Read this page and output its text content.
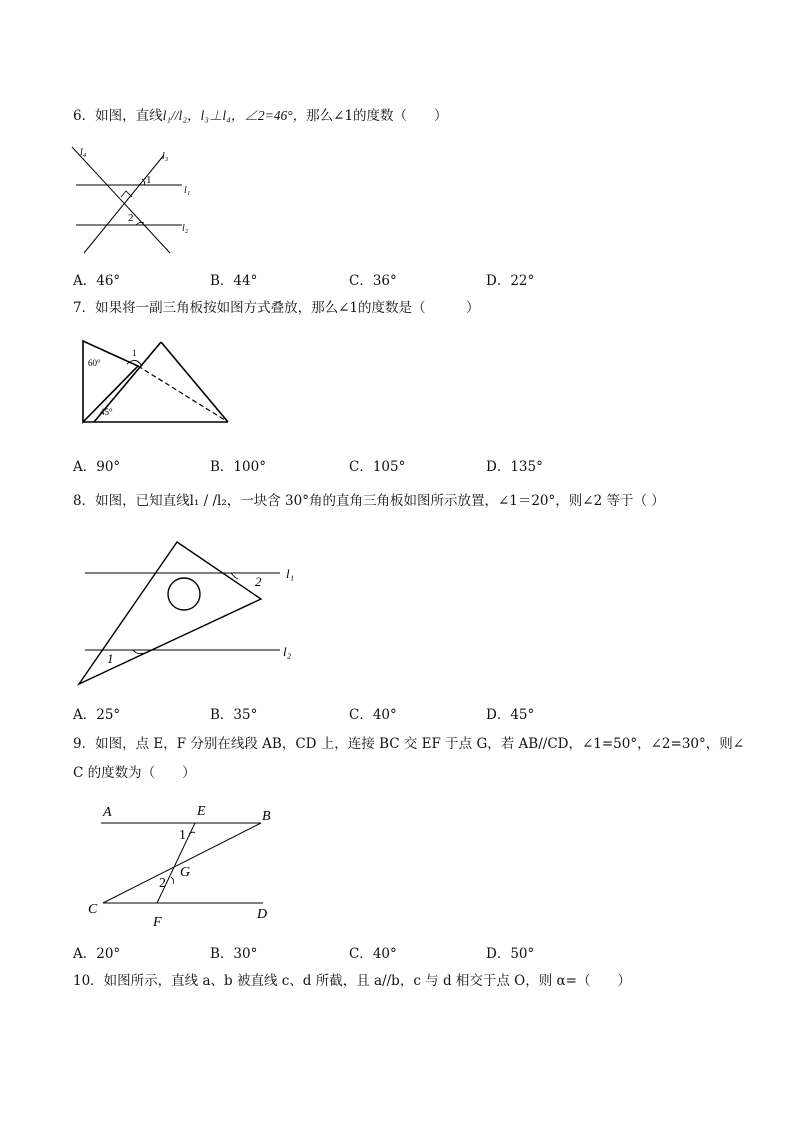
6．如图，直线l₁//l₂，l₃⊥l₄，∠2=46°，那么∠1的度数（　　）
l₄	l₃
l₁
l₂
1
2
A．46°	B．44°	C．36°	D．22°
7．如果将一副三角板按如图方式叠放，那么∠1的度数是（　　　）
60°
45°
1
A．90°	B．100°	C．105°	D．135°
8．如图，已知直线l₁ / /l₂，一块含 30°角的直角三角板如图所示放置，∠1＝20°，则∠2 等于（ ）
l₁
l₂
2
1
A．25°	B．35°	C．40°	D．45°
9．如图，点 E，F 分别在线段 AB，CD 上，连接 BC 交 EF 于点 G，若 AB//CD，∠1=50°，∠2=30°，则∠
C 的度数为（　　）
A	E	B
1
G
2
C
F
D
A．20°	B．30°	C．40°	D．50°
10．如图所示，直线 a、b 被直线 c、d 所截，且 a//b，c 与 d 相交于点 O，则 α=（　　）
